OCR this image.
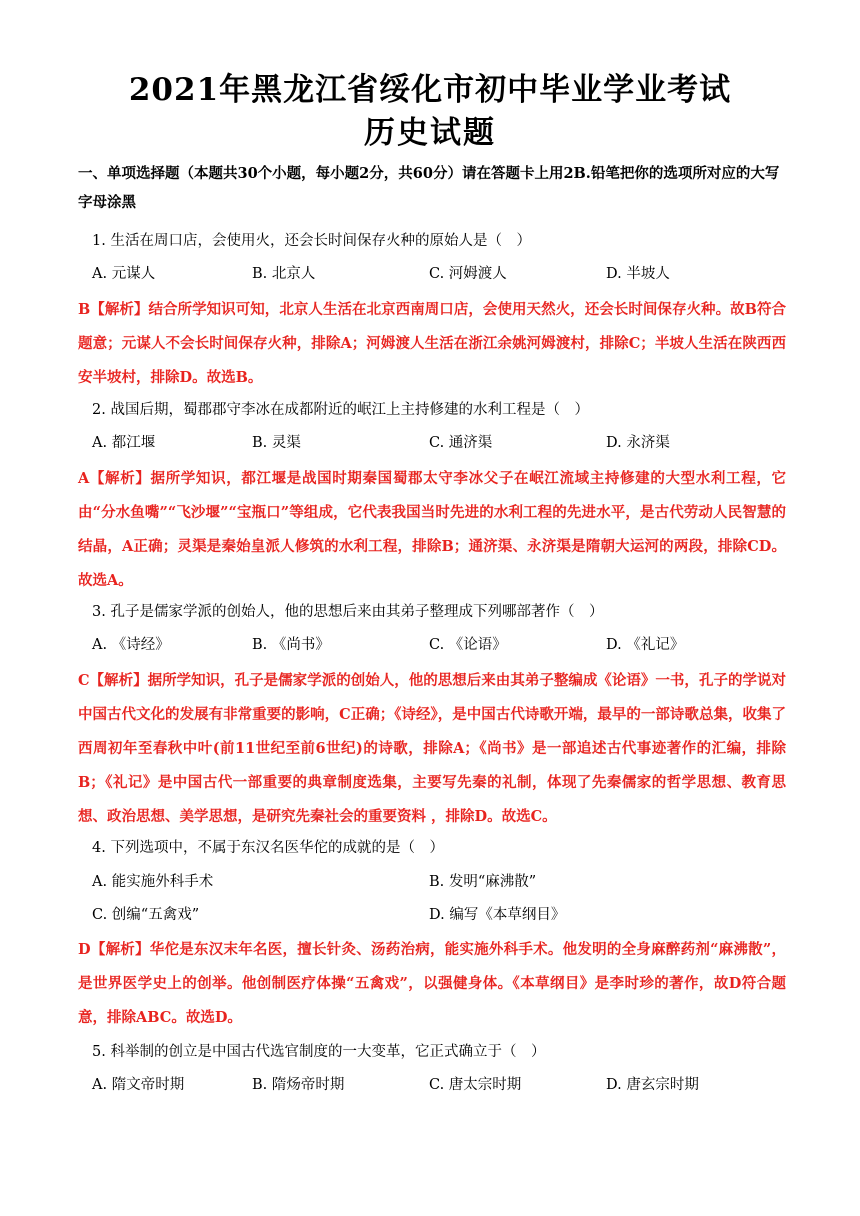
2021年黑龙江省绥化市初中毕业学业考试
历史试题
一、单项选择题（本题共30个小题，每小题2分，共60分）请在答题卡上用2B.铅笔把你的选项所对应的大写字母涂黑
1. 生活在周口店，会使用火，还会长时间保存火种的原始人是（　）
A. 元谋人	B. 北京人	C. 河姆渡人	D. 半坡人
B【解析】结合所学知识可知，北京人生活在北京西南周口店，会使用天然火，还会长时间保存火种。故B符合题意；元谋人不会长时间保存火种，排除A；河姆渡人生活在浙江余姚河姆渡村，排除C；半坡人生活在陕西西安半坡村，排除D。故选B。
2. 战国后期，蜀郡郡守李冰在成都附近的岷江上主持修建的水利工程是（　）
A. 都江堰	B. 灵渠	C. 通济渠	D. 永济渠
A【解析】据所学知识，都江堰是战国时期秦国蜀郡太守李冰父子在岷江流域主持修建的大型水利工程，它由“分水鱼嘴”“飞沙堰”“宝瓶口”等组成，它代表我国当时先进的水利工程的先进水平，是古代劳动人民智慧的结晶，A正确；灵渠是秦始皇派人修筑的水利工程，排除B；通济渠、永济渠是隋朝大运河的两段，排除CD。故选A。
3. 孔子是儒家学派的创始人，他的思想后来由其弟子整理成下列哪部著作（　）
A. 《诗经》	B. 《尚书》	C. 《论语》	D. 《礼记》
C【解析】据所学知识，孔子是儒家学派的创始人，他的思想后来由其弟子整编成《论语》一书，孔子的学说对中国古代文化的发展有非常重要的影响，C正确；《诗经》，是中国古代诗歌开端，最早的一部诗歌总集，收集了西周初年至春秋中叶(前11世纪至前6世纪)的诗歌，排除A；《尚书》是一部追述古代事迹著作的汇编，排除B；《礼记》是中国古代一部重要的典章制度选集，主要写先秦的礼制，体现了先秦儒家的哲学思想、教育思想、政治思想、美学思想，是研究先秦社会的重要资料 ，排除D。故选C。
4. 下列选项中，不属于东汉名医华佗的成就的是（　）
A. 能实施外科手术	B. 发明“麻沸散”
C. 创编“五禽戏”	D. 编写《本草纲目》
D【解析】华佗是东汉末年名医，擅长针灸、汤药治病，能实施外科手术。他发明的全身麻醉药剂“麻沸散”，是世界医学史上的创举。他创制医疗体操“五禽戏”，以强健身体。《本草纲目》是李时珍的著作，故D符合题意，排除ABC。故选D。
5. 科举制的创立是中国古代选官制度的一大变革，它正式确立于（　）
A. 隋文帝时期	B. 隋炀帝时期	C. 唐太宗时期	D. 唐玄宗时期
